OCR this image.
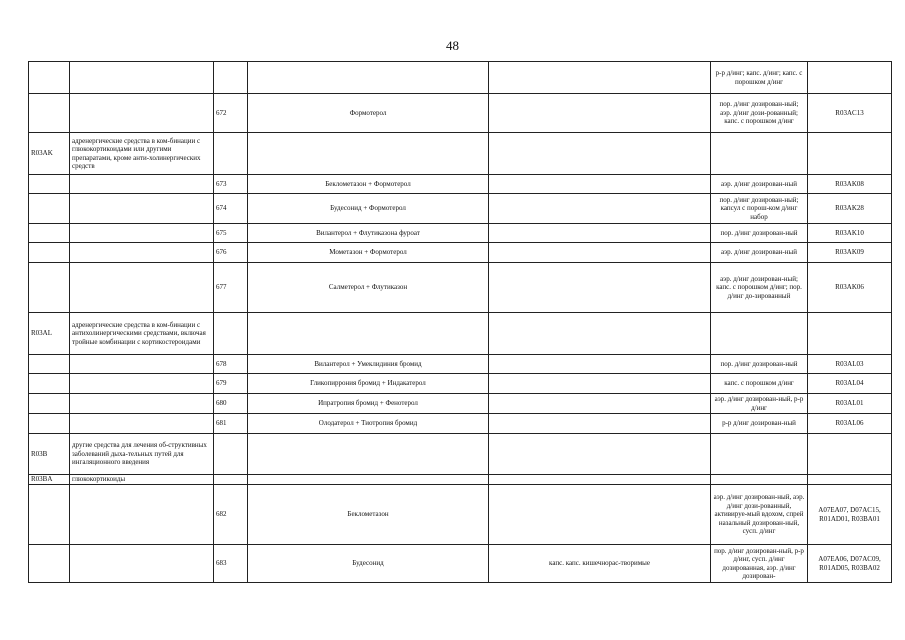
48
					р-р д/инг; капс. д/инг; капс. с порошком д/инг	
		672	Формотерол		пор. д/инг дозирован-ный; аэр. д/инг дози-рованный; капс. с порошком д/инг	R03AC13
R03AK	адренергические средства в ком-бинации с глюкокортикоидами или другими препаратами, кроме анти-холинергических средств					
		673	Беклометазон + Формотерол		аэр. д/инг дозирован-ный	R03AK08
		674	Будесонид + Формотерол		пор. д/инг дозирован-ный; капсул с порош-ком д/инг набор	R03AK28
		675	Вилантерол + Флутиказона фуроат		пор. д/инг дозирован-ный	R03AK10
		676	Мометазон + Формотерол		аэр. д/инг дозирован-ный	R03AK09
		677	Салметерол + Флутиказон		аэр. д/инг дозирован-ный; капс. с порошком д/инг; пор. д/инг до-зированный	R03AK06
R03AL	адренергические средства в ком-бинации с антихолинергическими средствами, включая тройные комбинации с кортикостероидами					
		678	Вилантерол + Умеклидиния бромид		пор. д/инг дозирован-ный	R03AL03
		679	Гликопиррония бромид + Индакатерол		капс. с порошком д/инг	R03AL04
		680	Ипратропия бромид + Фенотерол		аэр. д/инг дозирован-ный, р-р д/инг	R03AL01
		681	Олодатерол + Тиотропия бромид		р-р д/инг дозирован-ный	R03AL06
R03B	другие средства для лечения об-структивных заболеваний дыха-тельных путей для ингаляционного введения					
R03BA	глюкокортикоиды					
		682	Беклометазон		аэр. д/инг дозирован-ный, аэр. д/инг дози-рованный, активируе-мый вдохом, спрей назальный дозирован-ный, сусп. д/инг	A07EA07, D07AC15, R01AD01, R03BA01
		683	Будесонид	капс. капс. кишечнорас-творимые	пор. д/инг дозирован-ный, р-р д/инг, сусп. д/инг дозированная, аэр. д/инг дозирован-	A07EA06, D07AC09, R01AD05, R03BA02
